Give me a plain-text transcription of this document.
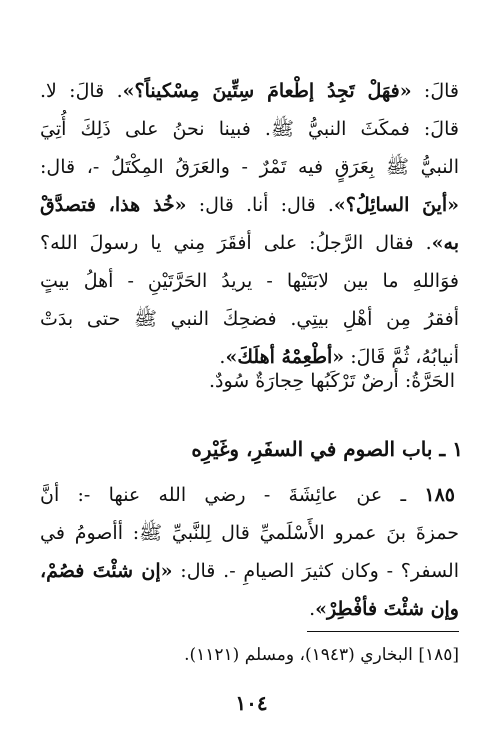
قالَ: «فهَلْ تَجِدُ إطْعامَ سِتِّينَ مِسْكيناً؟». قالَ: لا.
قالَ: فمكَثَ النبيُّ ﷺ. فبينا نحنُ على ذَلِكَ أُتِيَ
النبيُّ ﷺ بِعَرَقٍ فيه تَمْرٌ - والعَرَقُ المِكْتَلُ -، قال:
«أينَ السائِلُ؟». قال: أنا. قال: «خُذ هذا، فتصدَّقْ
به». فقال الرَّجلُ: على أفقَرَ مِني يا رسولَ الله؟
فوَاللهِ ما بين لابَتَيْها - يريدُ الحَرَّتَيْنِ - أهلُ بيتٍ
أفقرُ مِن أهْلِ بيتِي. فضحِكَ النبي ﷺ حتى بدَتْ
أنيابُهُ، ثُمَّ قَالَ: «أطْعِمْهُ أهلَكَ».
الحَرَّةُ: أرضٌ تَرْكَبُها حِجارَةٌ سُودٌ.
١ ـ باب الصوم في السفَرِ، وغَيْرِه
١٨٥ ـ عن عائِشَةَ - رضي الله عنها -: أنَّ
حمزةَ بنَ عمرو الأَسْلَميِّ قال لِلنَّبيِّ ﷺ: أأصومُ في
السفر؟ - وكان كثيرَ الصيامِ -. قال: «إن شئْتَ فصُمْ،
وإن شئْتَ فأفْطِرْ».
[١٨٥] البخاري (١٩٤٣)، ومسلم (١١٢١).
١٠٤
